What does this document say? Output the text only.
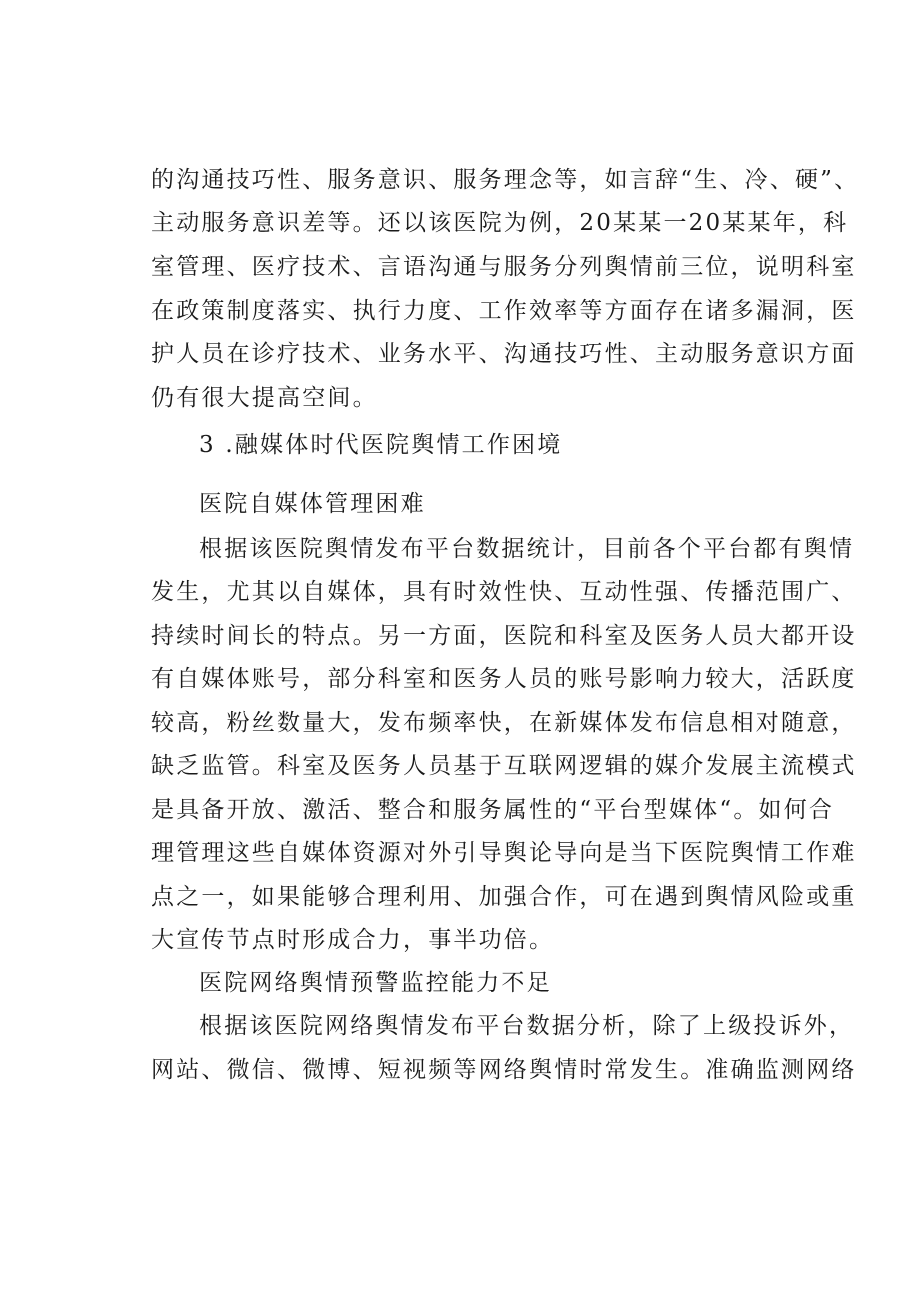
的沟通技巧性、服务意识、服务理念等，如言辞“生、冷、硬”、
主动服务意识差等。还以该医院为例，20某某一20某某年，科
室管理、医疗技术、言语沟通与服务分列舆情前三位，说明科室
在政策制度落实、执行力度、工作效率等方面存在诸多漏洞，医
护人员在诊疗技术、业务水平、沟通技巧性、主动服务意识方面
仍有很大提高空间。
3 .融媒体时代医院舆情工作困境
医院自媒体管理困难
根据该医院舆情发布平台数据统计，目前各个平台都有舆情
发生，尤其以自媒体，具有时效性快、互动性强、传播范围广、
持续时间长的特点。另一方面，医院和科室及医务人员大都开设
有自媒体账号，部分科室和医务人员的账号影响力较大，活跃度
较高，粉丝数量大，发布频率快，在新媒体发布信息相对随意，
缺乏监管。科室及医务人员基于互联网逻辑的媒介发展主流模式
是具备开放、激活、整合和服务属性的“平台型媒体“。如何合
理管理这些自媒体资源对外引导舆论导向是当下医院舆情工作难
点之一，如果能够合理利用、加强合作，可在遇到舆情风险或重
大宣传节点时形成合力，事半功倍。
医院网络舆情预警监控能力不足
根据该医院网络舆情发布平台数据分析，除了上级投诉外，
网站、微信、微博、短视频等网络舆情时常发生。准确监测网络
